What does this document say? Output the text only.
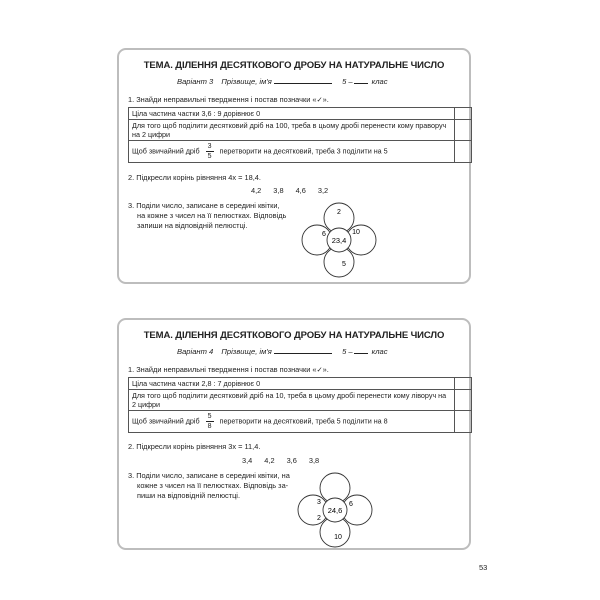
ТЕМА. ДІЛЕННЯ ДЕСЯТКОВОГО ДРОБУ НА НАТУРАЛЬНЕ ЧИСЛО
Варіант 3 Прізвище, ім'я	5 –	клас
1. Знайди неправильні твердження і постав позначки «✓».
Ціла частина частки 3,6 : 9 дорівнює 0	
Для того щоб поділити десятковий дріб на 100, треба в цьому дробі перенести кому праворуч на 2 цифри	
Щоб звичайний дріб $\frac{3}{5}$ перетворити на десятковий, треба 3 поділити на 5	
2. Підкресли корінь рівняння 4x = 18,4.
4,2 3,8 4,6 3,2
3. Поділи число, записане в середині квітки,
на кожне з чисел на її пелюстках. Відповідь
запиши на відповідній пелюстці.
23,4
2
10
6
5
ТЕМА. ДІЛЕННЯ ДЕСЯТКОВОГО ДРОБУ НА НАТУРАЛЬНЕ ЧИСЛО
Варіант 4 Прізвище, ім'я	5 –	клас
1. Знайди неправильні твердження і постав позначки «✓».
Ціла частина частки 2,8 : 7 дорівнює 0	
Для того щоб поділити десятковий дріб на 10, треба в цьому дробі перенести кому ліворуч на 2 цифри	
Щоб звичайний дріб $\frac{5}{8}$ перетворити на десятковий, треба 5 поділити на 8	
2. Підкресли корінь рівняння 3x = 11,4.
3,4 4,2 3,6 3,8
3. Поділи число, записане в середині квітки, на
кожне з чисел на її пелюстках. Відповідь за-
пиши на відповідній пелюстці.
24,6
3	6
2
10
53
